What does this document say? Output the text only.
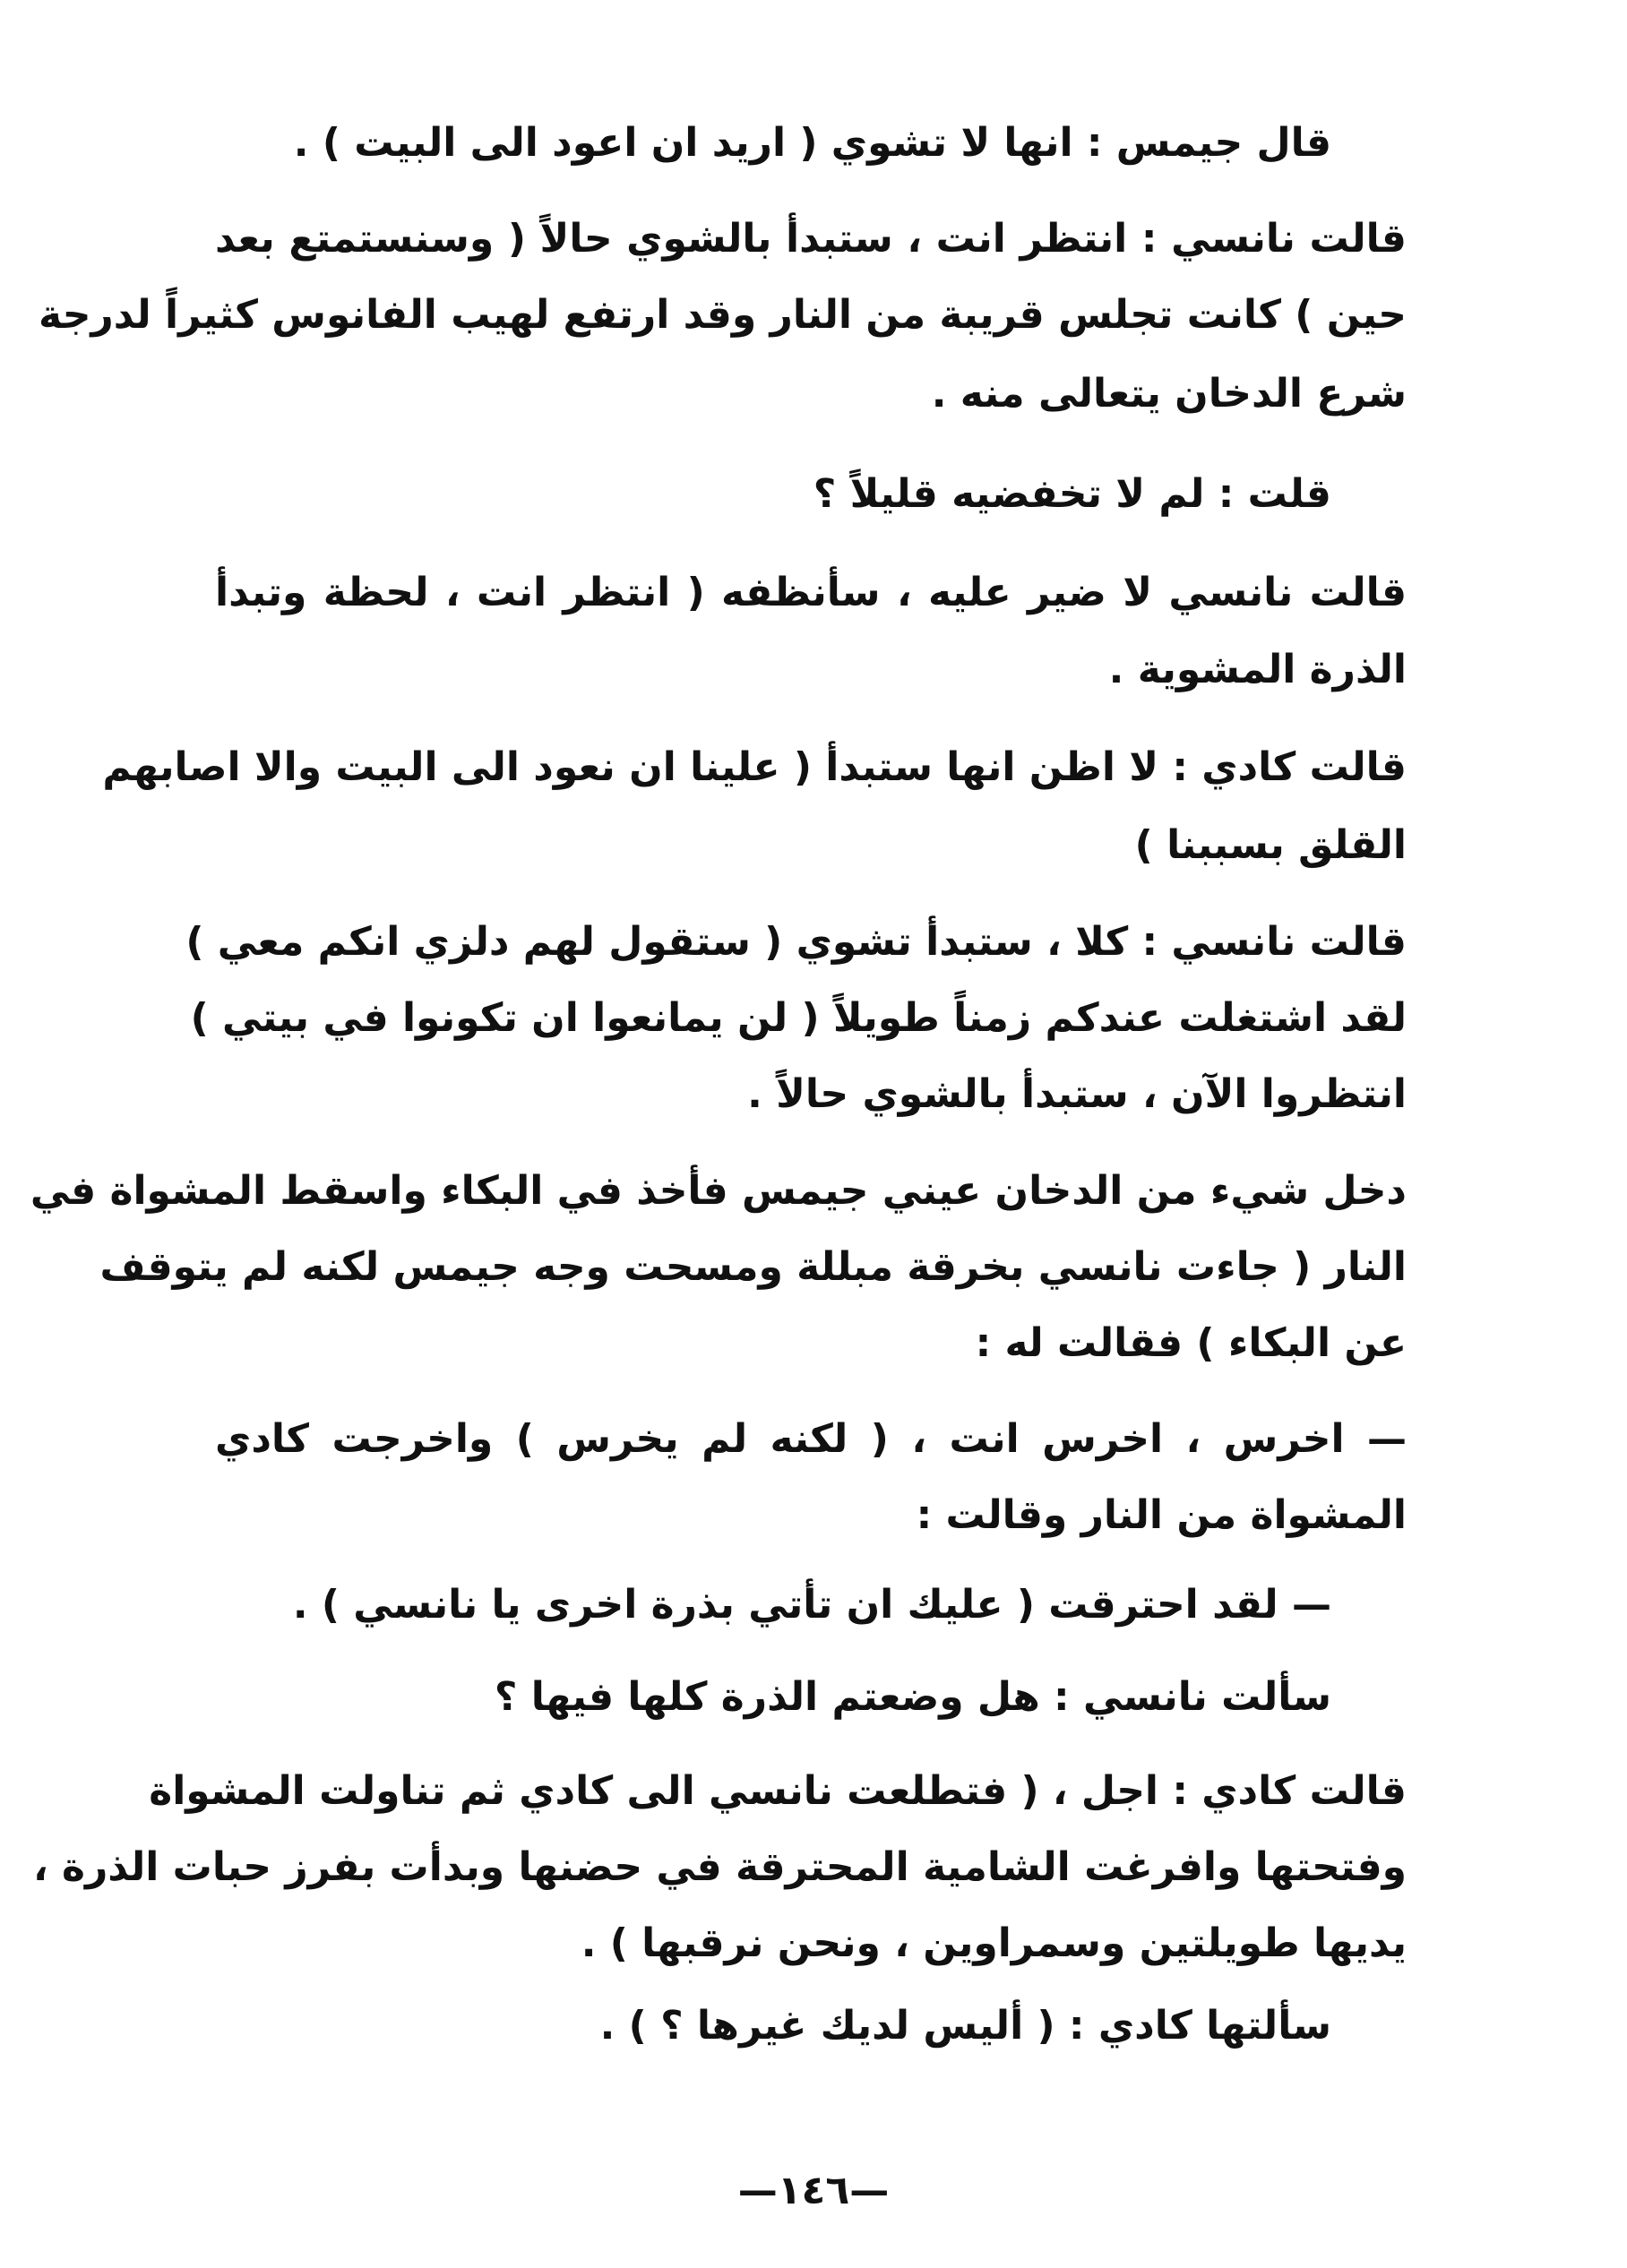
قال جيمس : انها لا تشوي ( اريد ان اعود الى البيت ) .
قالت نانسي : انتظر انت ، ستبدأ بالشوي حالاً ( وسنستمتع بعد
حين ) كانت تجلس قريبة من النار وقد ارتفع لهيب الفانوس كثيراً لدرجة
شرع الدخان يتعالى منه .
قلت : لم لا تخفضيه قليلاً ؟
قالت نانسي لا ضير عليه ، سأنظفه ( انتظر انت ، لحظة وتبدأ
الذرة المشوية .
قالت كادي : لا اظن انها ستبدأ ( علينا ان نعود الى البيت والا اصابهم
القلق بسببنا )
قالت نانسي : كلا ، ستبدأ تشوي ( ستقول لهم دلزي انكم معي )
لقد اشتغلت عندكم زمناً طويلاً ( لن يمانعوا ان تكونوا في بيتي )
انتظروا الآن ، ستبدأ بالشوي حالاً .
دخل شيء من الدخان عيني جيمس فأخذ في البكاء واسقط المشواة في
النار ( جاءت نانسي بخرقة مبللة ومسحت وجه جيمس لكنه لم يتوقف
عن البكاء ) فقالت له :
— اخرس ، اخرس انت ، ( لكنه لم يخرس ) واخرجت كادي
المشواة من النار وقالت :
— لقد احترقت ( عليك ان تأتي بذرة اخرى يا نانسي ) .
سألت نانسي : هل وضعتم الذرة كلها فيها ؟
قالت كادي : اجل ، ( فتطلعت نانسي الى كادي ثم تناولت المشواة
وفتحتها وافرغت الشامية المحترقة في حضنها وبدأت بفرز حبات الذرة ،
يديها طويلتين وسمراوين ، ونحن نرقبها ) .
سألتها كادي : ( أليس لديك غيرها ؟ ) .
—١٤٦—
